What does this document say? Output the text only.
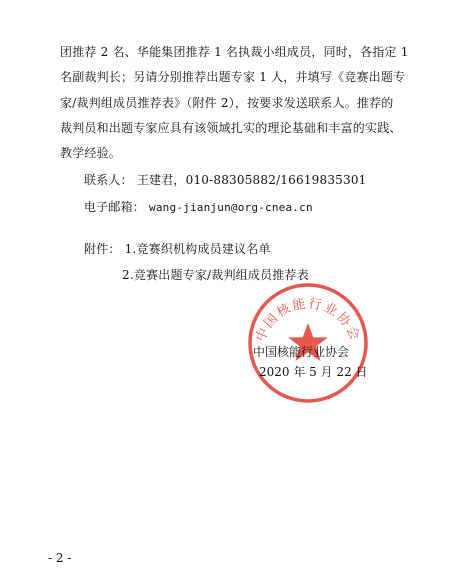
团推荐 2 名、华能集团推荐 1 名执裁小组成员，同时，各指定 1
名副裁判长；另请分别推荐出题专家 1 人，并填写《竞赛出题专
家/裁判组成员推荐表》（附件 2），按要求发送联系人。推荐的
裁判员和出题专家应具有该领域扎实的理论基础和丰富的实践、
教学经验。
联系人： 王建君，010-88305882/16619835301
电子邮箱： wang-jianjun@org-cnea.cn
附件： 1.竞赛织机构成员建议名单
2.竞赛出题专家/裁判组成员推荐表
中国核能行业协会
中国核能行业协会
2020 年 5 月 22 日
- 2 -
